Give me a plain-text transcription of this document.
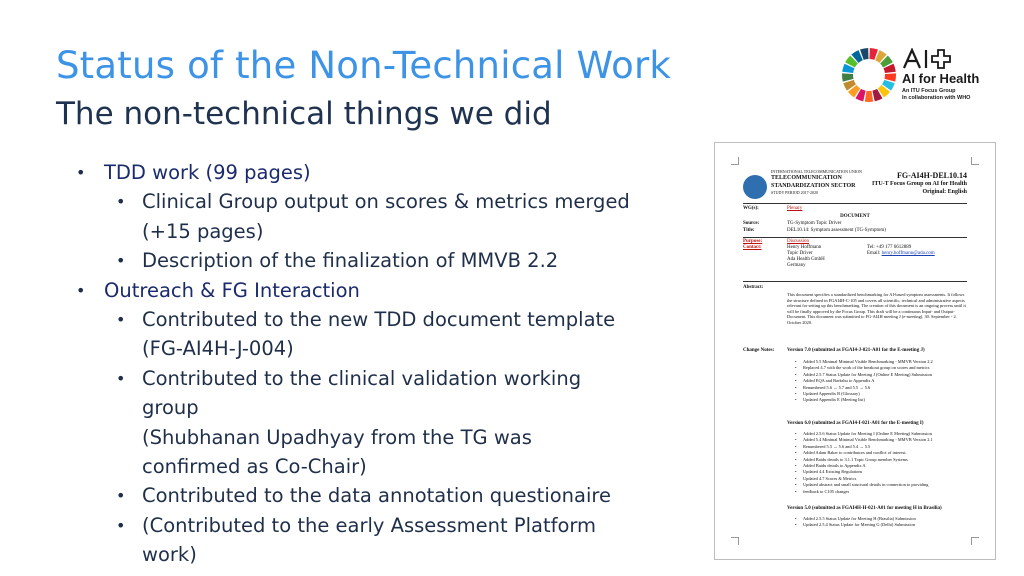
Status of the Non-Technical Work
The non-technical things we did
AI for Health
An ITU Focus Group
In collaboration with WHO
• TDD work (99 pages)
• Clinical Group output on scores & metrics merged
(+15 pages)
• Description of the finalization of MMVB 2.2
• Outreach & FG Interaction
• Contributed to the new TDD document template
(FG-AI4H-J-004)
• Contributed to the clinical validation working
group
(Shubhanan Upadhyay from the TG was
confirmed as Co-Chair)
• Contributed to the data annotation questionaire
• (Contributed to the early Assessment Platform
work)
INTERNATIONAL TELECOMMUNICATION UNION
TELECOMMUNICATION
STANDARDIZATION SECTOR
STUDY PERIOD 2017-2020
FG-AI4H-DEL10.14
ITU-T Focus Group on AI for Health
Original: English
WG(s):	Plenary
DOCUMENT
Source:	TG-Symptom Topic Driver
Title:	DEL10.14: Symptom assessment (TG-Symptom)
Purpose:	Discussion
Contact:	Henry Hoffmann
Topic Driver
Ada Health GmbH
Germany
Tel: +49 177 6612889
Email: henry.hoffmann@ada.com
Abstract:
This document specifies a standardized benchmarking for AI-based symptom assessments. It follows the structure defined in FGAI4H-C-105 and covers all scientific, technical and administrative aspects relevant for setting up this benchmarking. The creation of this document is an ongoing process until it will be finally approved by the Focus Group. This draft will be a continuous Input- and Output-Document. This document was submitted to FG-AI4H meeting J (e-meeting), 30. September - 2. October 2020.
Change Notes:	Version 7.0 (submitted as FGAI4-J-021-A01 for the E-meeting J)
• Added 5.5 Minimal Minimal Visible Benchmarking - MMVB Version 2.2
• Replaced 4.7 with the work of the breakout group on scores and metrics
• Added 2.5.7 Status Update for Meeting J (Online E Meeting) Submission
• Added EQA and Barkshu to Appendix A
• Renumbered 5.6 → 5.7 and 5.5 → 5.6
• Updated Appendix B (Glossary)
• Updated Appendix E (Meeting list)
Version 6.0 (submitted as FGAI4-I-021-A01 for the E-meeting I)
• Added 2.5.6 Status Update for Meeting I (Online E Meeting) Submission
• Added 5.4 Minimal Minimal Visible Benchmarking - MMVB Version 2.1
• Renumbered 5.5 → 5.6 and 5.4 → 5.5
• Added Adam Baker to contributors and conflict of interest.
• Added Baidu details to 3.1.1 Topic Group member Systems
• Added Baidu details to Appendix A
• Updated 4.4 Existing Regulations
• Updated 4.7 Scores & Metrics
• Updated abstract and small structural details in connection to providing
• feedback to C105 changes
Version 5.0 (submitted as FGAI4H-H-021-A01 for meeting H in Brasilia)
• Added 2.5.5 Status Update for Meeting H (Brasilia) Submission
• Updated 2.5.4 Status Update for Meeting G (Delhi) Submission
